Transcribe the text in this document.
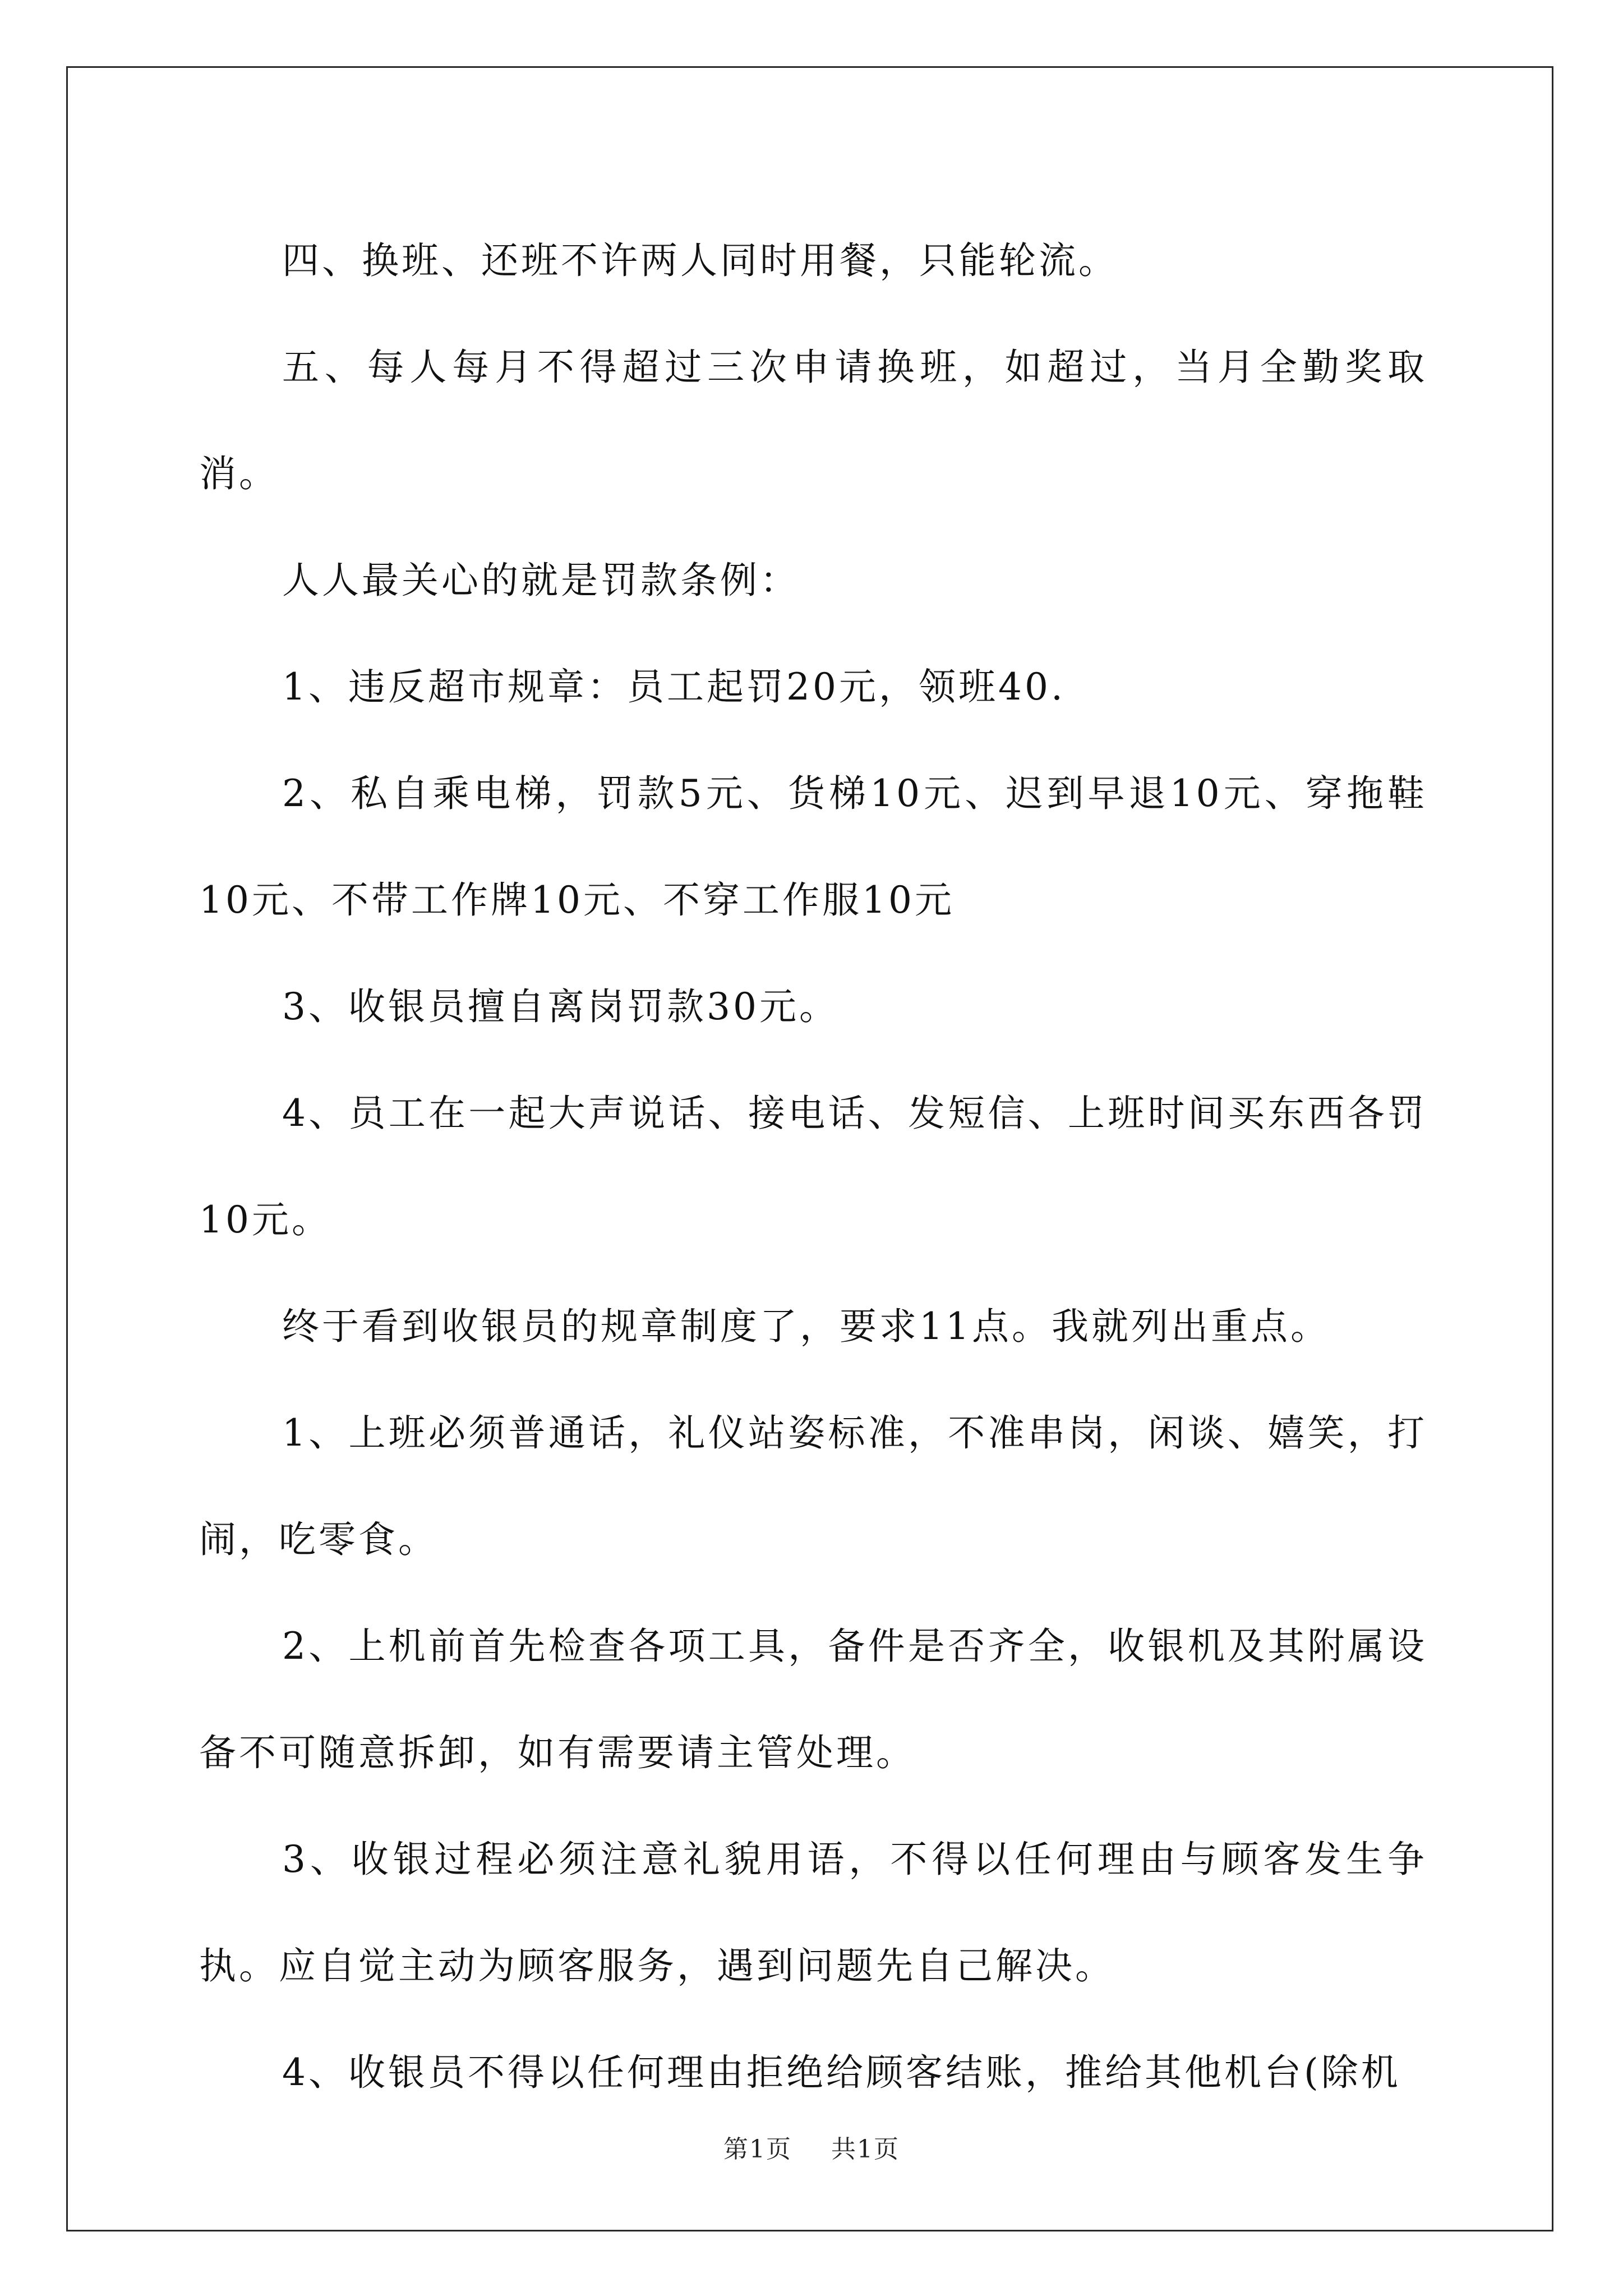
四、换班、还班不许两人同时用餐，只能轮流。

五、每人每月不得超过三次申请换班，如超过，当月全勤奖取消。

人人最关心的就是罚款条例：

1、违反超市规章：员工起罚20元，领班40.

2、私自乘电梯，罚款5元、货梯10元、迟到早退10元、穿拖鞋10元、不带工作牌10元、不穿工作服10元

3、收银员擅自离岗罚款30元。

4、员工在一起大声说话、接电话、发短信、上班时间买东西各罚10元。

终于看到收银员的规章制度了，要求11点。我就列出重点。

1、上班必须普通话，礼仪站姿标准，不准串岗，闲谈、嬉笑，打闹，吃零食。

2、上机前首先检查各项工具，备件是否齐全，收银机及其附属设备不可随意拆卸，如有需要请主管处理。

3、收银过程必须注意礼貌用语，不得以任何理由与顾客发生争执。应自觉主动为顾客服务，遇到问题先自己解决。

4、收银员不得以任何理由拒绝给顾客结账，推给其他机台(除机

第1页 共1页
